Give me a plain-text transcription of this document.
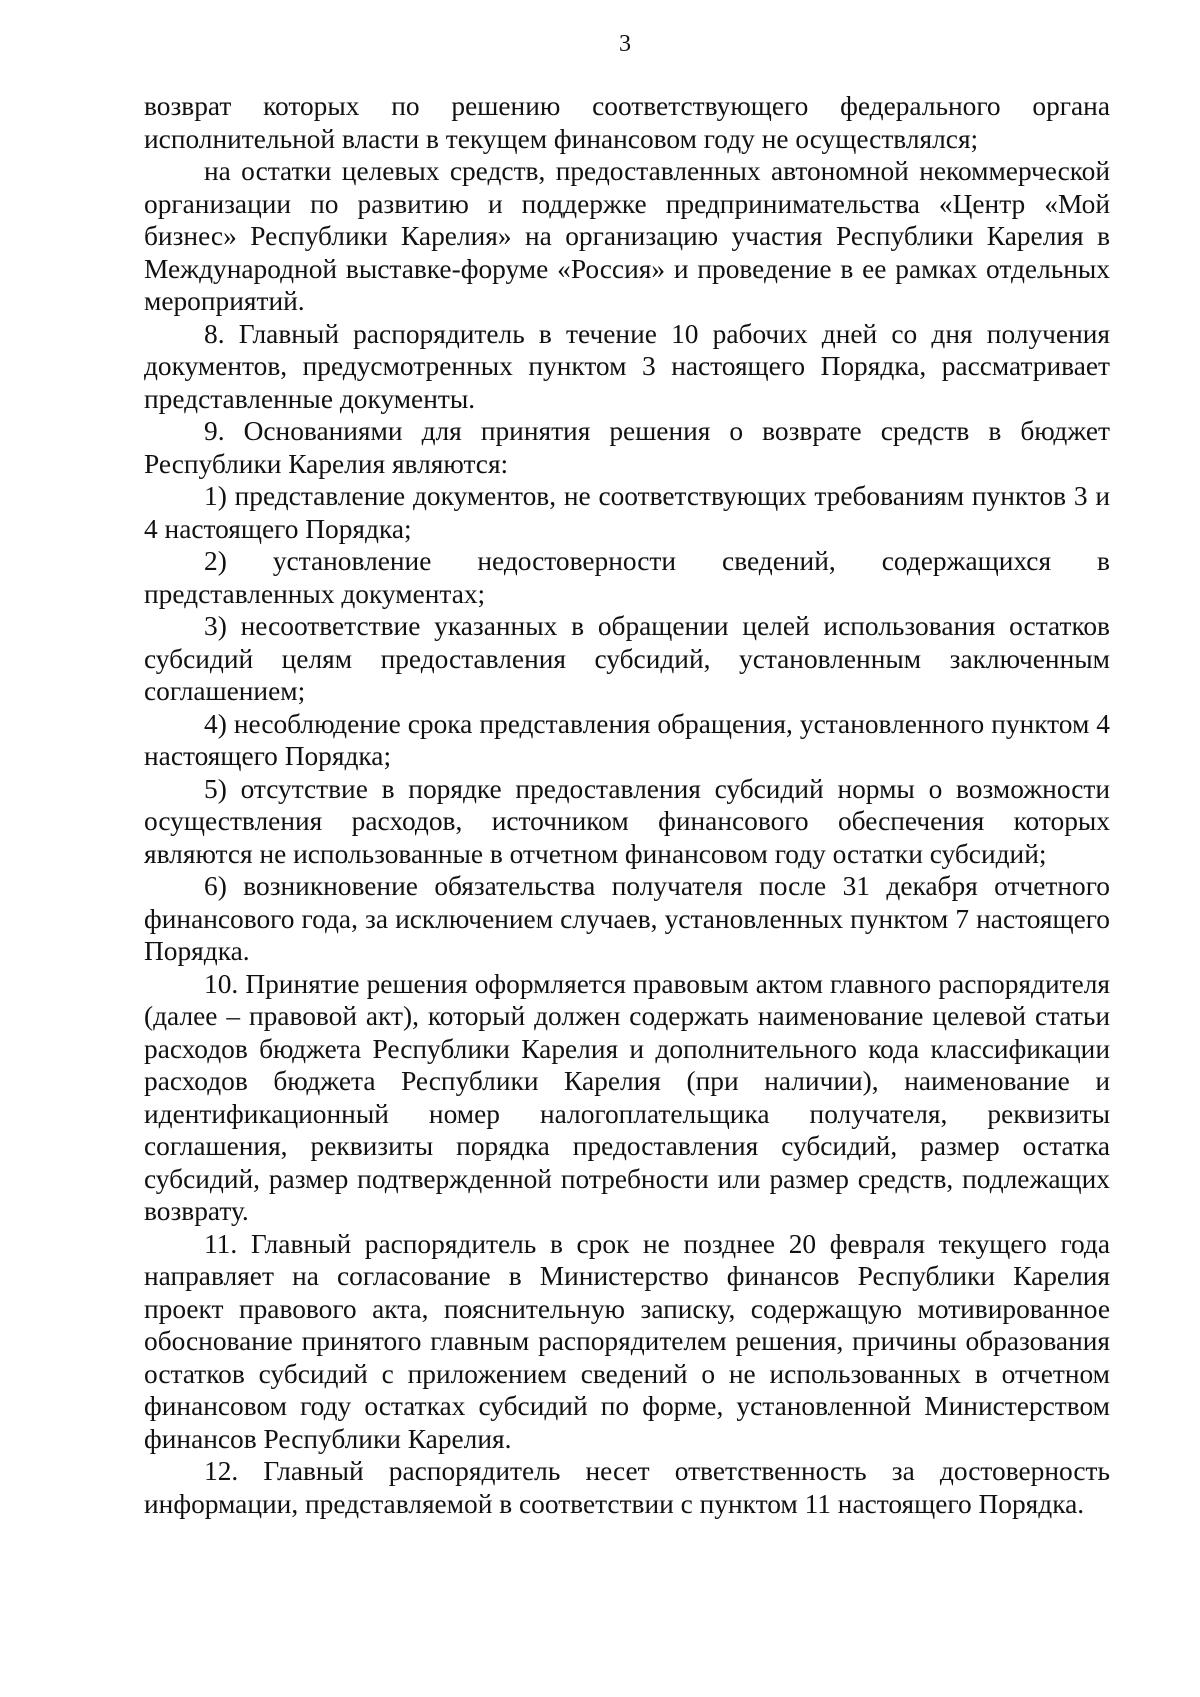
3

возврат которых по решению соответствующего федерального органа исполнительной власти в текущем финансовом году не осуществлялся;

на остатки целевых средств, предоставленных автономной некоммерческой организации по развитию и поддержке предпринимательства «Центр «Мой бизнес» Республики Карелия» на организацию участия Республики Карелия в Международной выставке-форуме «Россия» и проведение в ее рамках отдельных мероприятий.

8. Главный распорядитель в течение 10 рабочих дней со дня получения документов, предусмотренных пунктом 3 настоящего Порядка, рассматривает представленные документы.

9. Основаниями для принятия решения о возврате средств в бюджет Республики Карелия являются:

1) представление документов, не соответствующих требованиям пунктов 3 и 4 настоящего Порядка;

2) установление недостоверности сведений, содержащихся в представленных документах;

3) несоответствие указанных в обращении целей использования остатков субсидий целям предоставления субсидий, установленным заключенным соглашением;

4) несоблюдение срока представления обращения, установленного пунктом 4 настоящего Порядка;

5) отсутствие в порядке предоставления субсидий нормы о возможности осуществления расходов, источником финансового обеспечения которых являются не использованные в отчетном финансовом году остатки субсидий;

6) возникновение обязательства получателя после 31 декабря отчетного финансового года, за исключением случаев, установленных пунктом 7 настоящего Порядка.

10. Принятие решения оформляется правовым актом главного распорядителя (далее – правовой акт), который должен содержать наименование целевой статьи расходов бюджета Республики Карелия и дополнительного кода классификации расходов бюджета Республики Карелия (при наличии), наименование и идентификационный номер налогоплательщика получателя, реквизиты соглашения, реквизиты порядка предоставления субсидий, размер остатка субсидий, размер подтвержденной потребности или размер средств, подлежащих возврату.

11. Главный распорядитель в срок не позднее 20 февраля текущего года направляет на согласование в Министерство финансов Республики Карелия проект правового акта, пояснительную записку, содержащую мотивированное обоснование принятого главным распорядителем решения, причины образования остатков субсидий с приложением сведений о не использованных в отчетном финансовом году остатках субсидий по форме, установленной Министерством финансов Республики Карелия.

12. Главный распорядитель несет ответственность за достоверность информации, представляемой в соответствии с пунктом 11 настоящего Порядка.
